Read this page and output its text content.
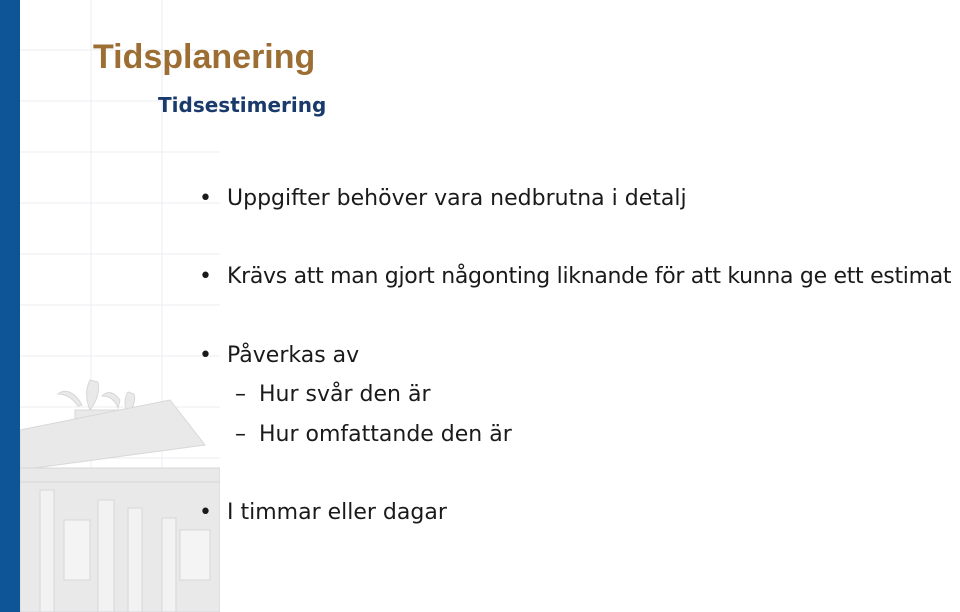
Tidsplanering
Tidsestimering
• Uppgifter behöver vara nedbrutna i detalj
• Krävs att man gjort någonting liknande för att kunna ge ett estimat
• Påverkas av
– Hur svår den är
– Hur omfattande den är
• I timmar eller dagar
